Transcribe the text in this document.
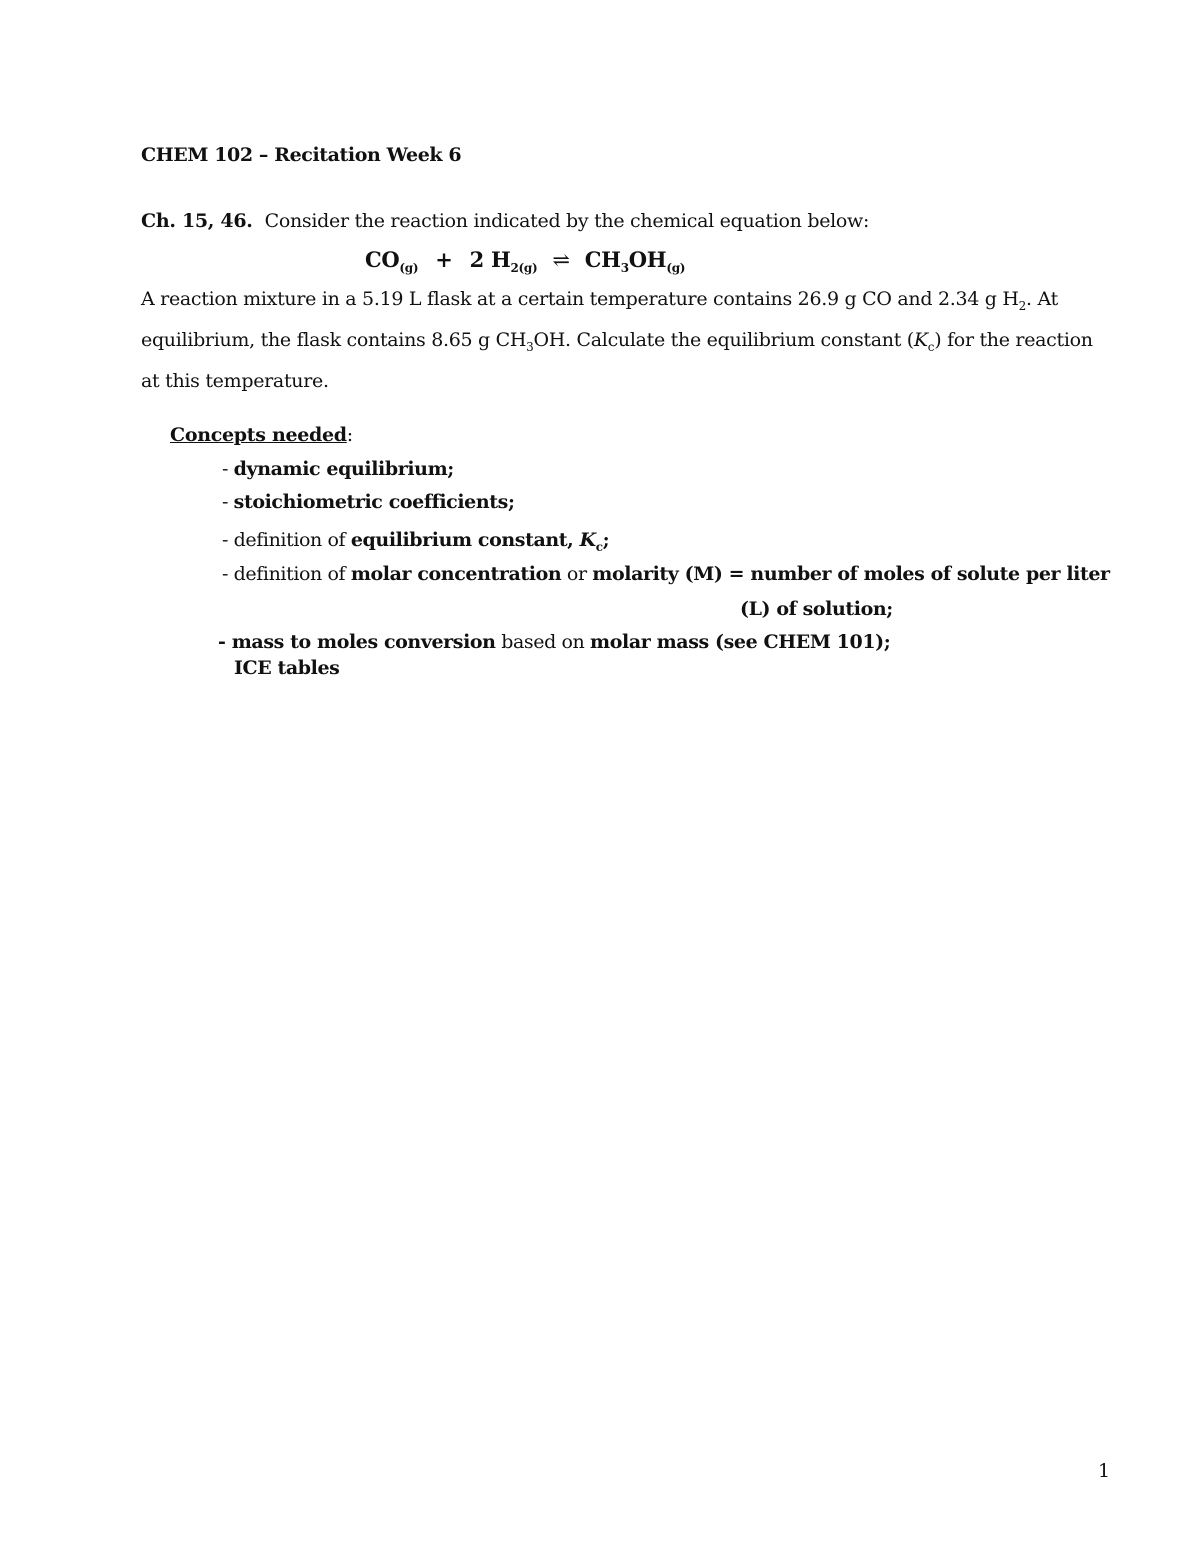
CHEM 102 – Recitation Week 6
Ch. 15, 46. Consider the reaction indicated by the chemical equation below:
$CO_{(g)} + 2$ $H_{2(g)}$ ⇌ $CH_3OH_{(g)}$
A reaction mixture in a 5.19 L flask at a certain temperature contains 26.9 g CO and 2.34 g $H_2$. At equilibrium, the flask contains 8.65 g $CH_3OH$. Calculate the equilibrium constant $(K_c)$ for the reaction at this temperature.
Concepts needed:
- dynamic equilibrium;
- stoichiometric coefficients;
- definition of equilibrium constant, $K_c$;
- definition of molar concentration or molarity (M) = number of moles of solute per liter
(L) of solution;
- mass to moles conversion based on molar mass (see CHEM 101);
ICE tables
1
